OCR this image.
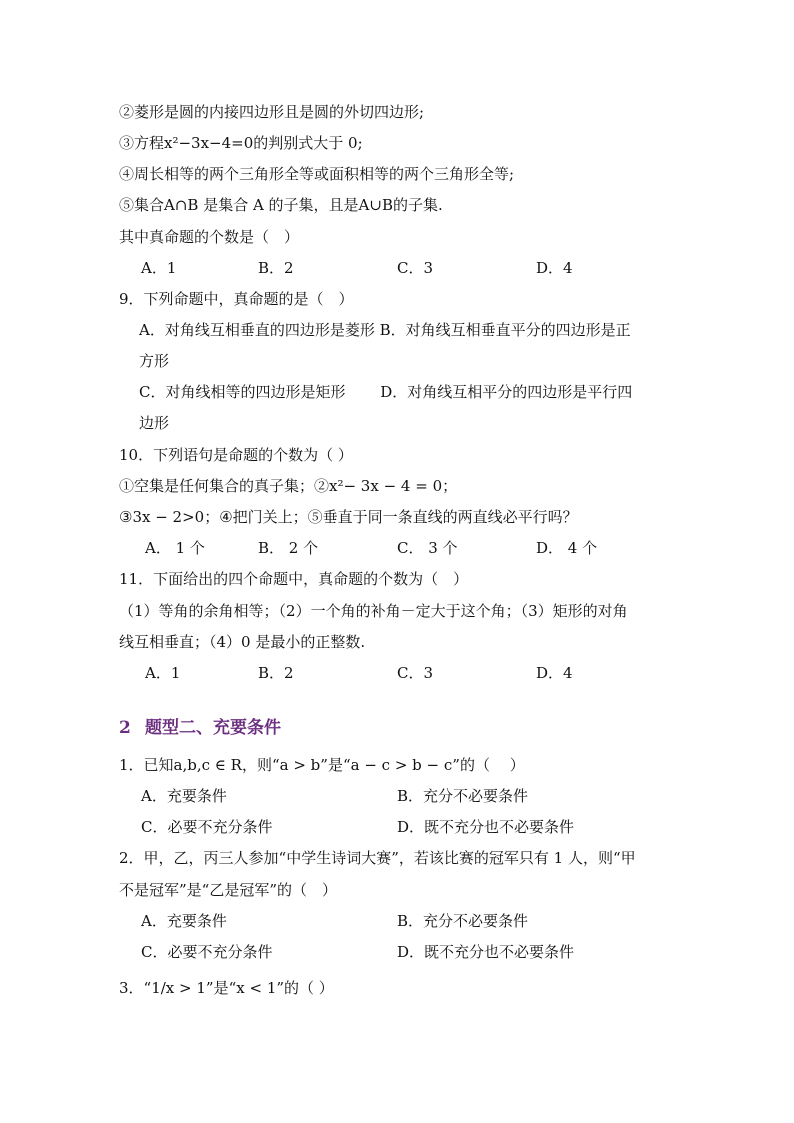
②菱形是圆的内接四边形且是圆的外切四边形;
③方程x²−3x−4=0的判别式大于 0;
④周长相等的两个三角形全等或面积相等的两个三角形全等;
⑤集合A∩B 是集合 A 的子集，且是A∪B的子集.
其中真命题的个数是（　）
A．1	B．2	C．3	D．4
9．下列命题中，真命题的是（　）
A．对角线互相垂直的四边形是菱形 B．对角线互相垂直平分的四边形是正
方形
C．对角线相等的四边形是矩形　　 D．对角线互相平分的四边形是平行四
边形
10．下列语句是命题的个数为（ ）
①空集是任何集合的真子集；②x²− 3x − 4 = 0；
③3x − 2>0；④把门关上；⑤垂直于同一条直线的两直线必平行吗？
A． 1 个	B． 2 个	C． 3 个	D． 4 个
11．下面给出的四个命题中，真命题的个数为（　）
（1）等角的余角相等；（2）一个角的补角－定大于这个角；（3）矩形的对角
线互相垂直；（4）0 是最小的正整数.
A．1	B．2	C．3	D．4
2 题型二、充要条件
1．已知a,b,c ∈ R，则“a > b”是“a − c > b − c”的（　 ）
A．充要条件	B．充分不必要条件
C．必要不充分条件	D．既不充分也不必要条件
2．甲，乙，丙三人参加“中学生诗词大赛”，若该比赛的冠军只有 1 人，则“甲
不是冠军”是“乙是冠军”的（　）
A．充要条件	B．充分不必要条件
C．必要不充分条件	D．既不充分也不必要条件
3．“1/x > 1”是“x < 1”的（ ）
